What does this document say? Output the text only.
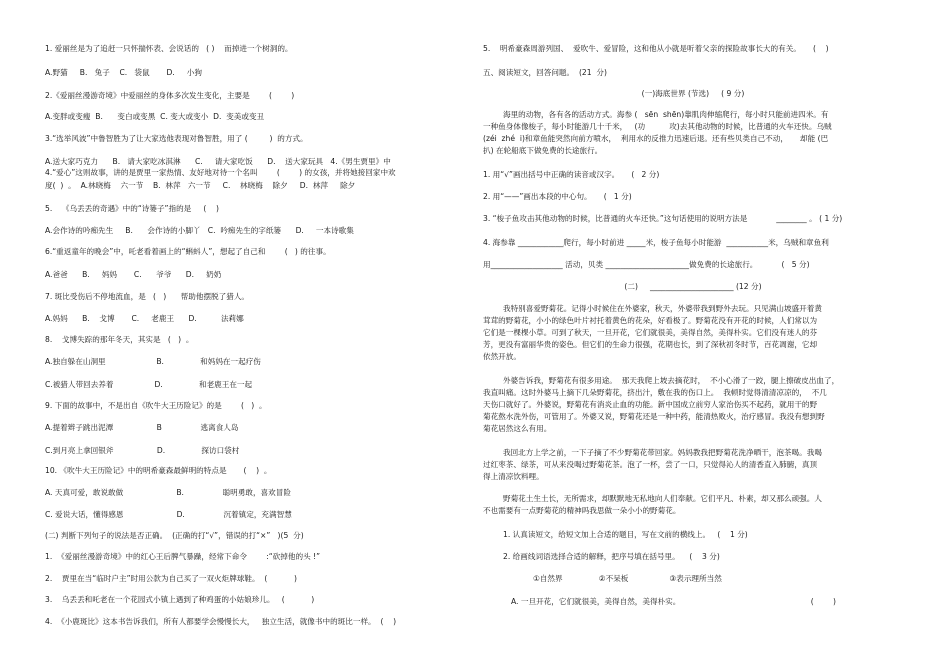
1. 爱丽丝是为了追赶一只怀揣怀表、会说话的   ( )    而掉进一个树洞的。
A.野猫     B.   兔子    C.   袋鼠       D.     小狗
2.《爱丽丝漫游奇境》中爱丽丝的身体多次发生变化，主要是        (        )
A.变胖或变瘦  B.      变白或变黑  C. 变大或变小  D.  变美或变丑
3.“选举风波”中鲁智胜为了让大家选他表现对鲁智胜，用了 (         )  的方式。
A.送大家巧克力      B.   请大家吃冰淇淋      C.     请大家吃饭      D.    送大家玩具   4.《男生贾里》中
4.“爱心”这则故事，讲的是贾里一家热情、友好地对待一个名叫        (        ) 的女孩，并将她接回家中欢
度(  )  。  A.林晓梅    六一节    B.  林萍   六一节     C.    林晓梅    除夕     D.  林萍     除夕
5.    《乌丢丢的奇遇》中的“诗篓子”指的是     (    )
A.会作诗的吟痴先生     B.      会作诗的小脚丫   C.  吟痴先生的字纸篓      D.     一本诗歌集
6.“重返童年的晚会”中，吒老看着画上的“蝌蚪人”，想起了自己和        (   ) 的往事。
A.爸爸      B.     妈妈       C.      爷爷      D.     奶奶
7. 斑比受伤后不停地流血，是   (   )      帮助他摆脱了猎人。
A.妈妈      B.    戈博       C.     老鹿王      D.          法莉娜
8.    戈博失踪的那年冬天，其实是   (   )  。
A.独自躲在山洞里                     B.               和妈妈在一起疗伤
C.被猎人带回去养着                 D.               和老鹿王在一起
9. 下面的故事中，不是出自《吹牛大王历险记》的是        (   )  。
A.提着辫子跳出泥潭                  B                逃离食人岛
C.到月亮上拿回银斧                  D.               探访口袋村
10. 《吹牛大王历险记》中的明希豪森最鲜明的特点是       (    )  。
A. 天真可爱，敢说敢做                      B.                聪明勇敢，喜欢冒险
C. 爱说大话，懂得感恩                      D.                沉着镇定，充满智慧
(二) 判断下列句子的说法是否正确。  (正确的打“√”，错误的打“×”   )(5  分)
1.  《爱丽丝漫游奇境》中的红心王后脾气暴躁，经常下命令        :“砍掉他的头 !”
2.    贾里在当“临时户主”时用公款为自己买了一双火炬牌球鞋。  (           )
3.    乌丢丢和吒老在一个花园式小镇上遇到了种鸡蛋的小姑娘珍儿。   (           )
4.  《小鹿斑比》这本书告诉我们，所有人都要学会慢慢长大，   独立生活，就像书中的斑比一样。  (    )
5.    明希豪森周游列国、  爱吹牛、爱冒险，这和他从小就是听着父亲的探险故事长大的有关。     (    )
五、阅读短文，回答问题。  (21  分)
(一)海底世界 (节选)     ( 9 分)
海里的动物，各有各的活动方式。海参 (   sēn  shēn)靠肌肉伸缩爬行，每小时只能前进四米。有
一种鱼身体像梭子，每小时能游几十千米，   (功          攻)去其他动物的时候，比普通的火车还快。乌贼
(zéi  zhé  i)和章鱼能突然向前方喷水，  利用水的反推力迅速后退。还有些贝类自己不动，     却能 (巴
扒) 在轮船底下做免费的长途旅行。
1. 用“√”画出括号中正确的读音或汉字。     (   2 分)
2. 用“——”画出本段的中心句。     (   1 分)
3. “梭子鱼攻击其他动物的时候，比普通的火车还快。”这句话使用的说明方法是            ________ 。 ( 1 分)
4. 海参靠 ____________爬行，每小时前进 _____米，梭子鱼每小时能游  ___________米，乌贼和章鱼利
用___________________ 活动，贝类 ______________________做免费的长途旅行。          (   5 分)
(二)     ______________________ (12 分)
我特别喜爱野菊花。记得小时候住在外婆家，秋天，外婆带我到野外去玩。只见满山坡盛开着黄
茸茸的野菊花，小小的绿色叶片衬托着黄色的花朵，好看极了。野菊花没有开花的时候，人们常以为
它们是一棵棵小草。可到了秋天，一旦开花，它们就很美，美得自然，美得朴实。它们没有迷人的芬
芳，更没有富丽华贵的姿色。但它们的生命力很强，花期也长，到了深秋初冬时节，百花凋谢，它却
依然开放。
外婆告诉我，野菊花有很多用途。  那天我爬上坡去摘花时，  不小心滑了一跤，腿上擦破皮出血了，
我直叫痛。这时外婆马上摘下几朵野菊花，挤出汁，敷在我的伤口上。  我顿时觉得清清凉凉的，  不几
天伤口就好了。外婆说，野菊花有消炎止血的功能。新中国成立前穷人家治伤买不起药，就用干的野
菊花熬水洗外伤，可管用了。外婆又说，野菊花还是一种中药，能清热败火，治疗感冒。我没有想到野
菊花居然这么有用。
我回北方上学之前，一下子摘了不少野菊花带回家。妈妈教我把野菊花洗净晒干，泡茶喝。我喝
过红枣茶、绿茶，可从来没喝过野菊花茶。泡了一杯，尝了一口，只觉得沁人的清香直入肺腑，真顶
得上清凉饮料哩。
野菊花土生土长，无所需求，却默默地无私地向人们奉献。它们平凡、朴素，却又那么顽强。人
不也需要有一点野菊花的精神吗我思做一朵小小的野菊花。
1. 认真读短文，给短文加上合适的题目，写在文前的横线上。   (    1 分)
2. 给画线词语选择合适的解释，把序号填在括号里。    (    3 分)
①自然界               ②不呆板                 ③表示理所当然
A. 一旦开花，它们就很美，美得自然，美得朴实。                                                      (        )
